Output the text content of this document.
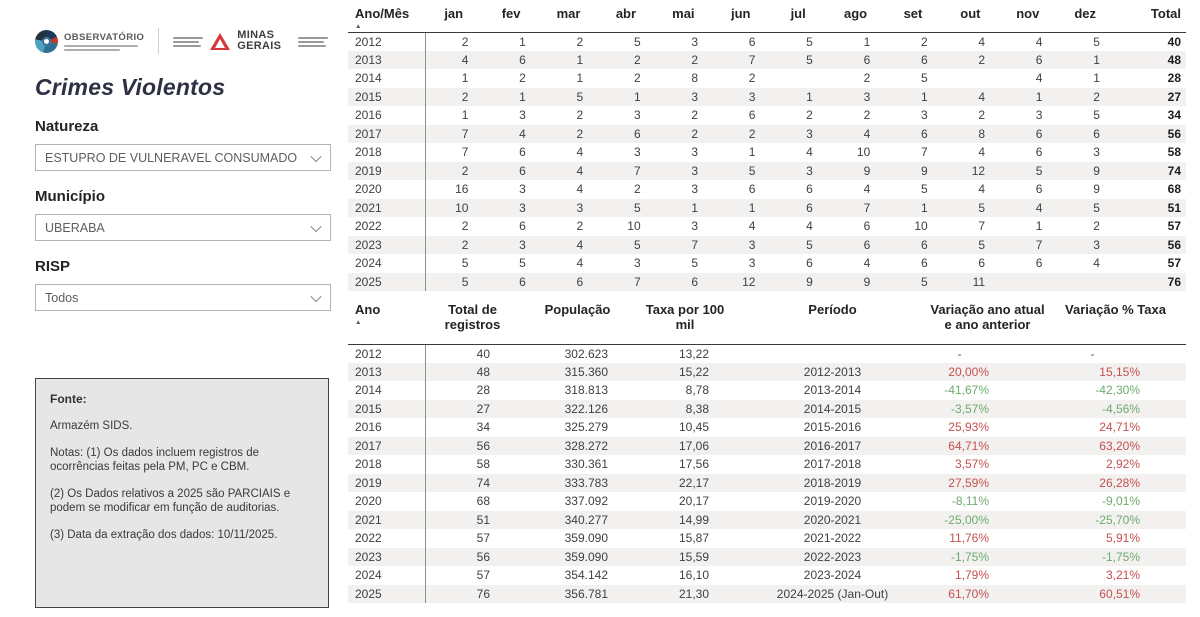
OBSERVATÓRIO	MINAS GERAIS
Crimes Violentos
Natureza
ESTUPRO DE VULNERAVEL CONSUMADO
Município
UBERABA
RISP
Todos
Fonte:
Armazém SIDS.
Notas: (1) Os dados incluem registros de ocorrências feitas pela PM, PC e CBM.
(2) Os Dados relativos a 2025 são PARCIAIS e podem se modificar em função de auditorias.
(3) Data da extração dos dados: 10/11/2025.
Ano/Mês
▲	jan	fev	mar	abr	mai	jun	jul	ago	set	out	nov	dez	Total
2012	2	1	2	5	3	6	5	1	2	4	4	5	40
2013	4	6	1	2	2	7	5	6	6	2	6	1	48
2014	1	2	1	2	8	2		2	5		4	1	28
2015	2	1	5	1	3	3	1	3	1	4	1	2	27
2016	1	3	2	3	2	6	2	2	3	2	3	5	34
2017	7	4	2	6	2	2	3	4	6	8	6	6	56
2018	7	6	4	3	3	1	4	10	7	4	6	3	58
2019	2	6	4	7	3	5	3	9	9	12	5	9	74
2020	16	3	4	2	3	6	6	4	5	4	6	9	68
2021	10	3	3	5	1	1	6	7	1	5	4	5	51
2022	2	6	2	10	3	4	4	6	10	7	1	2	57
2023	2	3	4	5	7	3	5	6	6	5	7	3	56
2024	5	5	4	3	5	3	6	4	6	6	6	4	57
2025	5	6	6	7	6	12	9	9	5	11			76
Ano
▲	Total de registros	População	Taxa por 100 mil	Período	Variação ano atual e ano anterior	Variação % Taxa
2012	40	302.623	13,22		-	-
2013	48	315.360	15,22	2012-2013	20,00%	15,15%
2014	28	318.813	8,78	2013-2014	-41,67%	-42,30%
2015	27	322.126	8,38	2014-2015	-3,57%	-4,56%
2016	34	325.279	10,45	2015-2016	25,93%	24,71%
2017	56	328.272	17,06	2016-2017	64,71%	63,20%
2018	58	330.361	17,56	2017-2018	3,57%	2,92%
2019	74	333.783	22,17	2018-2019	27,59%	26,28%
2020	68	337.092	20,17	2019-2020	-8,11%	-9,01%
2021	51	340.277	14,99	2020-2021	-25,00%	-25,70%
2022	57	359.090	15,87	2021-2022	11,76%	5,91%
2023	56	359.090	15,59	2022-2023	-1,75%	-1,75%
2024	57	354.142	16,10	2023-2024	1,79%	3,21%
2025	76	356.781	21,30	2024-2025 (Jan-Out)	61,70%	60,51%
